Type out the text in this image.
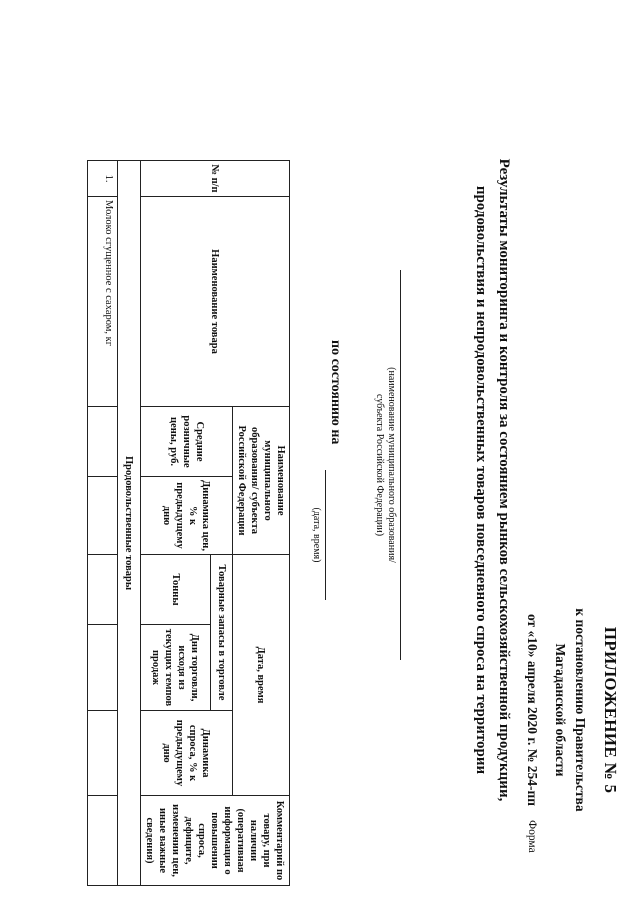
ПРИЛОЖЕНИЕ № 5
к постановлению Правительства
Магаданской области
от «10» апреля 2020 г. № 254-пп
Форма
Результаты мониторинга и контроля за состоянием рынков сельскохозяйственной продукции,
продовольствия и непродовольственных товаров повседневного спроса на территории
(наименование муниципального образования/
субъекта Российской Федерации)
по состоянию на
(дата, время)
№ п/п	Наименование товара	Наименование муниципального образования/ субъекта Российской Федерации		Дата, время			Комментарий по товару, при наличии (оперативная информация о повышении спроса, дефиците, изменении цен, иные важные сведения)
		Средние розничные цены, руб.	Динамика цен, % к предыдущему дню	Товарные запасы в торговле		Динамика спроса, % к предыдущему дню	
				Тонны	Дни торговли, исходя из текущих темпов продаж		
Продовольственные товары							
1.	Молоко сгущенное с сахаром, кг						
